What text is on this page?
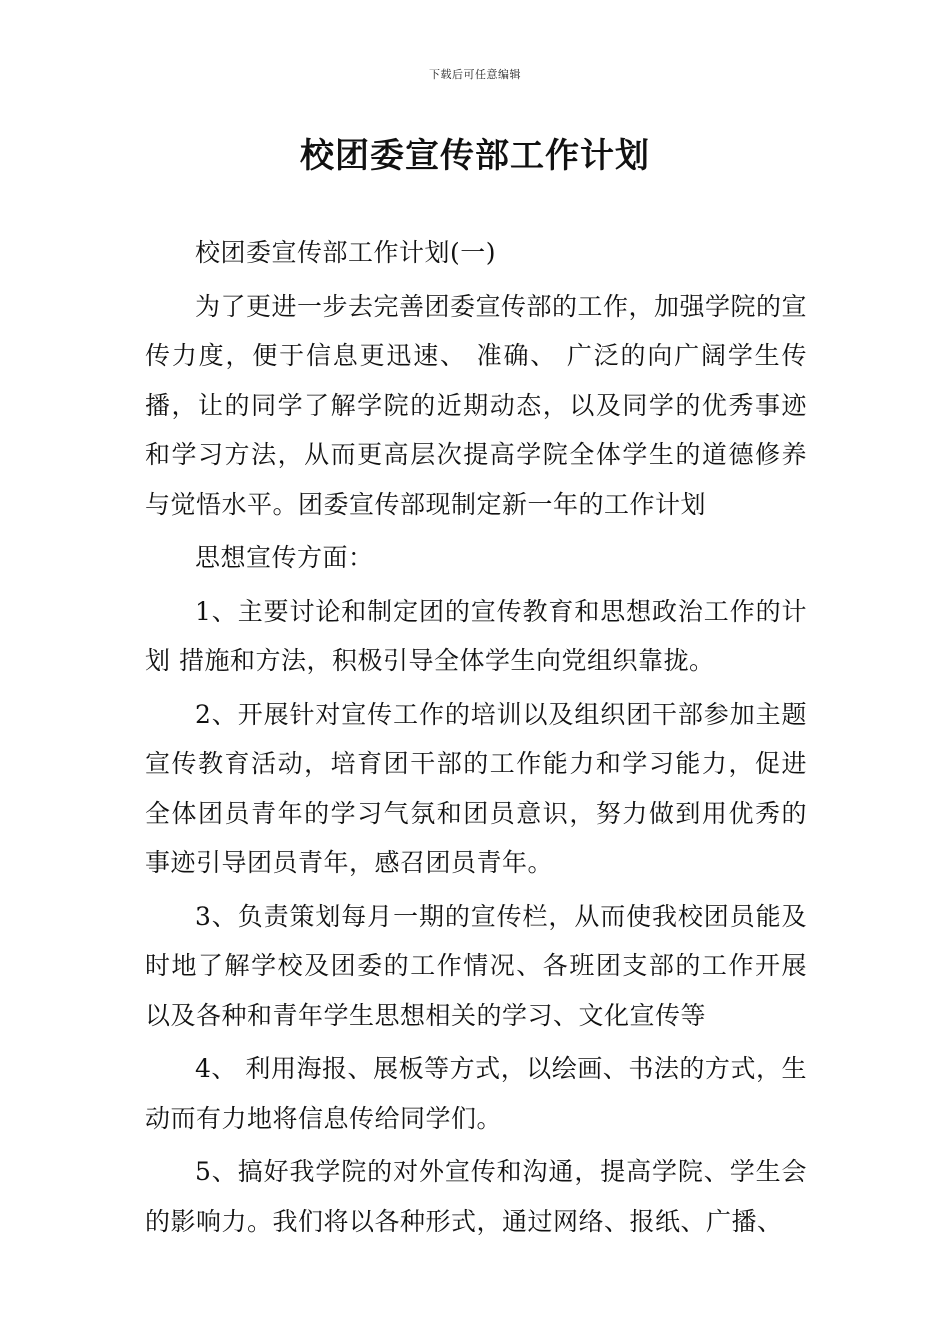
下载后可任意编辑
校团委宣传部工作计划

校团委宣传部工作计划(一)

为了更进一步去完善团委宣传部的工作，加强学院的宣传力度，便于信息更迅速、 准确、 广泛的向广阔学生传播，让的同学了解学院的近期动态，以及同学的优秀事迹和学习方法，从而更高层次提高学院全体学生的道德修养与觉悟水平。团委宣传部现制定新一年的工作计划

思想宣传方面：

1、主要讨论和制定团的宣传教育和思想政治工作的计划 措施和方法，积极引导全体学生向党组织靠拢。

2、开展针对宣传工作的培训以及组织团干部参加主题宣传教育活动，培育团干部的工作能力和学习能力，促进全体团员青年的学习气氛和团员意识，努力做到用优秀的事迹引导团员青年，感召团员青年。

3、负责策划每月一期的宣传栏，从而使我校团员能及时地了解学校及团委的工作情况、各班团支部的工作开展以及各种和青年学生思想相关的学习、文化宣传等

4、 利用海报、展板等方式，以绘画、书法的方式，生动而有力地将信息传给同学们。

5、搞好我学院的对外宣传和沟通，提高学院、学生会的影响力。我们将以各种形式，通过网络、报纸、广播、
